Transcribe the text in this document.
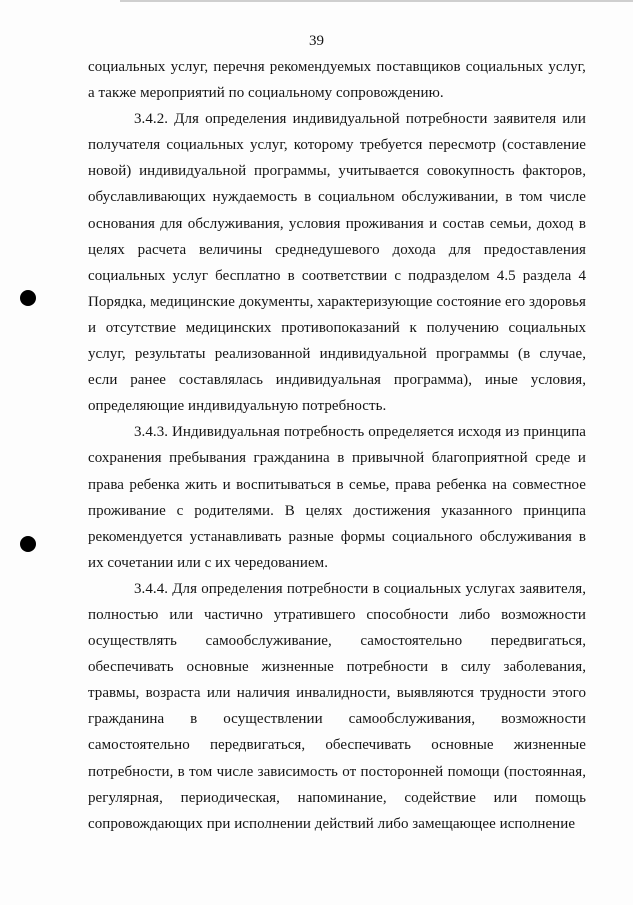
39

социальных услуг, перечня рекомендуемых поставщиков социальных услуг, а также мероприятий по социальному сопровождению.

3.4.2. Для определения индивидуальной потребности заявителя или получателя социальных услуг, которому требуется пересмотр (составление новой) индивидуальной программы, учитывается совокупность факторов, обуславливающих нуждаемость в социальном обслуживании, в том числе основания для обслуживания, условия проживания и состав семьи, доход в целях расчета величины среднедушевого дохода для предоставления социальных услуг бесплатно в соответствии с подразделом 4.5 раздела 4 Порядка, медицинские документы, характеризующие состояние его здоровья и отсутствие медицинских противопоказаний к получению социальных услуг, результаты реализованной индивидуальной программы (в случае, если ранее составлялась индивидуальная программа), иные условия, определяющие индивидуальную потребность.

3.4.3. Индивидуальная потребность определяется исходя из принципа сохранения пребывания гражданина в привычной благоприятной среде и права ребенка жить и воспитываться в семье, права ребенка на совместное проживание с родителями. В целях достижения указанного принципа рекомендуется устанавливать разные формы социального обслуживания в их сочетании или с их чередованием.

3.4.4. Для определения потребности в социальных услугах заявителя, полностью или частично утратившего способности либо возможности осуществлять самообслуживание, самостоятельно передвигаться, обеспечивать основные жизненные потребности в силу заболевания, травмы, возраста или наличия инвалидности, выявляются трудности этого гражданина в осуществлении самообслуживания, возможности самостоятельно передвигаться, обеспечивать основные жизненные потребности, в том числе зависимость от посторонней помощи (постоянная, регулярная, периодическая, напоминание, содействие или помощь сопровождающих при исполнении действий либо замещающее исполнение
